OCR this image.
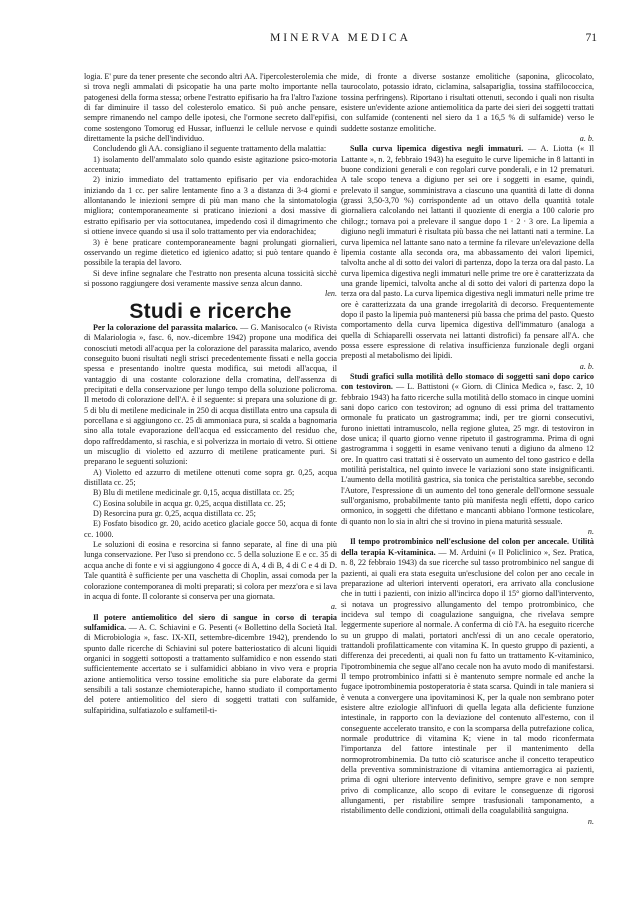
MINERVA MEDICA	71

logia. E' pure da tener presente che secondo altri AA. l'ipercolesterolemia che si trova negli ammalati di psicopatie ha una parte molto importante nella patogenesi della forma stessa; orbene l'estratto epifisario ha fra l'altro l'azione di far diminuire il tasso del colesterolo ematico. Si può anche pensare, sempre rimanendo nel campo delle ipotesi, che l'ormone secreto dall'epifisi, come sostengono Tomorug ed Hussar, influenzi le cellule nervose e quindi direttamente la psiche dell'individuo.

Concludendo gli AA. consigliano il seguente trattamento della malattia:

1) isolamento dell'ammalato solo quando esiste agitazione psico-motoria accentuata;

2) inizio immediato del trattamento epifisario per via endorachidea iniziando da 1 cc. per salire lentamente fino a 3 a distanza di 3-4 giorni e allontanando le iniezioni sempre di più man mano che la sintomatologia migliora; contemporaneamente si praticano iniezioni a dosi massive di estratto epifisario per via sottocutanea, impedendo così il dimagrimento che si ottiene invece quando si usa il solo trattamento per via endorachidea;

3) è bene praticare contemporaneamente bagni prolungati giornalieri, osservando un regime dietetico ed igienico adatto; si può tentare quando è possibile la terapia del lavoro.

Si deve infine segnalare che l'estratto non presenta alcuna tossicità sicchè si possono raggiungere dosi veramente massive senza alcun danno.

len.

Studi e ricerche

Per la colorazione del parassita malarico. — G. Manisocalco (« Rivista di Malariologia », fasc. 6, nov.-dicembre 1942) propone una modifica dei conosciuti metodi all'acqua per la colorazione del parassita malarico, avendo conseguito buoni risultati negli strisci precedentemente fissati e nella goccia spessa e presentando inoltre questa modifica, sui metodi all'acqua, il vantaggio di una costante colorazione della cromatina, dell'assenza di precipitati e della conservazione per lungo tempo della soluzione policroma. Il metodo di colorazione dell'A. è il seguente: si prepara una soluzione di gr. 5 di blu di metilene medicinale in 250 di acqua distillata entro una capsula di porcellana e si aggiungono cc. 25 di ammoniaca pura, si scalda a bagnomaria sino alla totale evaporazione dell'acqua ed essiccamento del residuo che, dopo raffreddamento, si raschia, e si polverizza in mortaio di vetro. Si ottiene un miscuglio di violetto ed azzurro di metilene praticamente puri. Si preparano le seguenti soluzioni:

A) Violetto ed azzurro di metilene ottenuti come sopra gr. 0,25, acqua distillata cc. 25;

B) Blu di metilene medicinale gr. 0,15, acqua distillata cc. 25;

C) Eosina solubile in acqua gr. 0,25, acqua distillata cc. 25;

D) Resorcina pura gr. 0,25, acqua distillata cc. 25;

E) Fosfato bisodico gr. 20, acido acetico glaciale gocce 50, acqua di fonte cc. 1000.

Le soluzioni di eosina e resorcina si fanno separate, al fine di una più lunga conservazione. Per l'uso si prendono cc. 5 della soluzione E e cc. 35 di acqua anche di fonte e vi si aggiungono 4 gocce di A, 4 di B, 4 di C e 4 di D. Tale quantità è sufficiente per una vaschetta di Choplin, assai comoda per la colorazione contemporanea di molti preparati; si colora per mezz'ora e si lava in acqua di fonte. Il colorante si conserva per una giornata.

a.

Il potere antiemolitico del siero di sangue in corso di terapia sulfamidica. — A. C. Schiavini e G. Pesenti (« Bollettino della Società Ital. di Microbiologia », fasc. IX-XII, settembre-dicembre 1942), prendendo lo spunto dalle ricerche di Schiavini sul potere batteriostatico di alcuni liquidi organici in soggetti sottoposti a trattamento sulfamidico e non essendo stati sufficientemente accertato se i sulfamidici abbiano in vivo vera e propria azione antiemolitica verso tossine emolitiche sia pure elaborate da germi sensibili a tali sostanze chemioterapiche, hanno studiato il comportamento del potere antiemolitico del siero di soggetti trattati con sulfamide, sulfapiridina, sulfatiazolo e sulfametil-ti-

mide, di fronte a diverse sostanze emolitiche (saponina, glicocolato, taurocolato, potassio idrato, ciclamina, salsapariglia, tossina staffilococcica, tossina perfringens). Riportano i risultati ottenuti, secondo i quali non risulta esistere un'evidente azione antiemolitica da parte dei sieri dei soggetti trattati con sulfamide (contenenti nel siero da 1 a 16,5 % di sulfamide) verso le suddette sostanze emolitiche.

a. b.

Sulla curva lipemica digestiva negli immaturi. — A. Liotta (« Il Lattante », n. 2, febbraio 1943) ha eseguito le curve lipemiche in 8 lattanti in buone condizioni generali e con regolari curve ponderali, e in 12 prematuri. A tale scopo teneva a digiuno per sei ore i soggetti in esame, quindi, prelevato il sangue, somministrava a ciascuno una quantità di latte di donna (grassi 3,50-3,70 %) corrispondente ad un ottavo della quantità totale giornaliera calcolando nei lattanti il quoziente di energia a 100 calorie pro chilogr.; tornava poi a prelevare il sangue dopo 1 · 2 · 3 ore. La lipemia a digiuno negli immaturi è risultata più bassa che nei lattanti nati a termine. La curva lipemica nel lattante sano nato a termine fa rilevare un'elevazione della lipemia costante alla seconda ora, ma abbassamento dei valori lipemici, talvolta anche al di sotto dei valori di partenza, dopo la terza ora dal pasto. La curva lipemica digestiva negli immaturi nelle prime tre ore è caratterizzata da una grande lipemici, talvolta anche al di sotto dei valori di partenza dopo la terza ora dal pasto. La curva lipemica digestiva negli immaturi nelle prime tre ore è caratterizzata da una grande irregolarità di decorso. Frequentemente dopo il pasto la lipemia può mantenersi più bassa che prima del pasto. Questo comportamento della curva lipemica digestiva dell'immaturo (analoga a quella di Schiaparelli osservata nei lattanti distrofici) fa pensare all'A. che possa essere espressione di relativa insufficienza funzionale degli organi preposti al metabolismo dei lipidi.

a. b.

Studi grafici sulla motilità dello stomaco di soggetti sani dopo carico con testoviron. — L. Battistoni (« Giorn. di Clinica Medica », fasc. 2, 10 febbraio 1943) ha fatto ricerche sulla motilità dello stomaco in cinque uomini sani dopo carico con testoviron; ad ognuno di essi prima del trattamento ormonale fu praticato un gastrogramma; indi, per tre giorni consecutivi, furono iniettati intramuscolo, nella regione glutea, 25 mgr. di testoviron in dose unica; il quarto giorno venne ripetuto il gastrogramma. Prima di ogni gastrogramma i soggetti in esame venivano tenuti a digiuno da almeno 12 ore. In quattro casi trattati si è osservato un aumento del tono gastrico e della motilità peristaltica, nel quinto invece le variazioni sono state insignificanti. L'aumento della motilità gastrica, sia tonica che peristaltica sarebbe, secondo l'Autore, l'espressione di un aumento del tono generale dell'ormone sessuale sull'organismo, probabilmente tanto più manifesta negli effetti, dopo carico ormonico, in soggetti che difettano e mancanti abbiano l'ormone testicolare, di quanto non lo sia in altri che si trovino in piena maturità sessuale.

n.

Il tempo protrombinico nell'esclusione del colon per ancecale. Utilità della terapia K-vitaminica. — M. Arduini (« Il Policlinico », Sez. Pratica, n. 8, 22 febbraio 1943) da sue ricerche sul tasso protrombinico nel sangue di pazienti, ai quali era stata eseguita un'esclusione del colon per ano cecale in preparazione ad ulteriori interventi operatori, era arrivato alla conclusione che in tutti i pazienti, con inizio all'incirca dopo il 15° giorno dall'intervento, si notava un progressivo allungamento del tempo protrombinico, che incideva sul tempo di coagulazione sanguigna, che rivelava sempre leggermente superiore al normale. A conferma di ciò l'A. ha eseguito ricerche su un gruppo di malati, portatori anch'essi di un ano cecale operatorio, trattandoli profilatticamente con vitamina K. In questo gruppo di pazienti, a differenza dei precedenti, ai quali non fu fatto un trattamento K-vitaminico, l'ipotrombinemia che segue all'ano cecale non ha avuto modo di manifestarsi. Il tempo protrombinico infatti si è mantenuto sempre normale ed anche la fugace ipotrombinemia postoperatoria è stata scarsa. Quindi in tale maniera si è venuta a convergere una ipovitaminosi K, per la quale non sembrano poter esistere altre eziologie all'infuori di quella legata alla deficiente funzione intestinale, in rapporto con la deviazione del contenuto all'esterno, con il conseguente accelerato transito, e con la scomparsa della putrefazione colica, normale produttrice di vitamina K; viene in tal modo riconfermata l'importanza del fattore intestinale per il mantenimento della normoprotrombinemia. Da tutto ciò scaturisce anche il concetto terapeutico della preventiva somministrazione di vitamina antiemorragica ai pazienti, prima di ogni ulteriore intervento definitivo, sempre grave e non sempre privo di complicanze, allo scopo di evitare le conseguenze di rigorosi allungamenti, per ristabilire sempre trasfusionali tamponamento, a ristabilimento delle condizioni, ottimali della coagulabilità sanguigna.

n.
